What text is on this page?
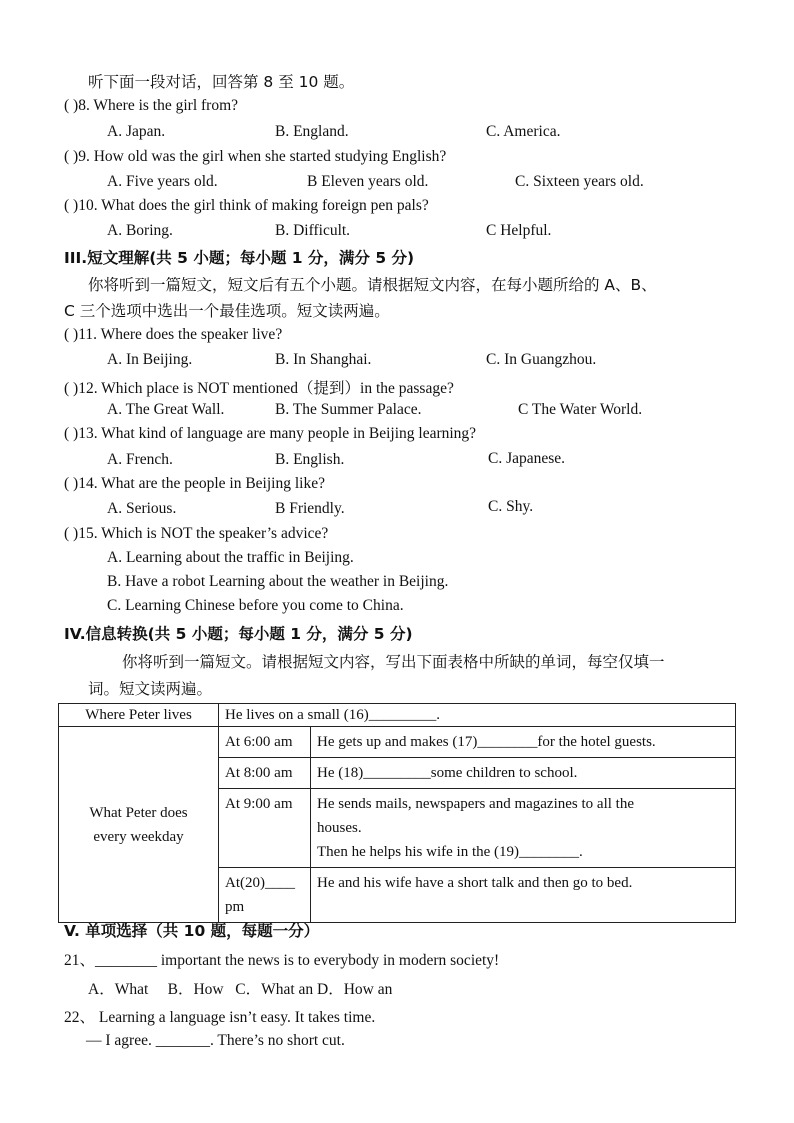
听下面一段对话，回答第 8 至 10 题。
( )8. Where is the girl from?
A. Japan.	B. England.	C. America.
( )9. How old was the girl when she started studying English?
A. Five years old.	B Eleven years old.	C. Sixteen years old.
( )10. What does the girl think of making foreign pen pals?
A. Boring.	B. Difficult.	C Helpful.
III.短文理解(共 5 小题；每小题 1 分，满分 5 分)
你将听到一篇短文，短文后有五个小题。请根据短文内容，在每小题所给的 A、B、
C 三个选项中选出一个最佳选项。短文读两遍。
( )11. Where does the speaker live?
A. In Beijing.	B. In Shanghai.	C. In Guangzhou.
( )12. Which place is NOT mentioned（提到）in the passage?
A. The Great Wall.	B. The Summer Palace.	C The Water World.
( )13. What kind of language are many people in Beijing learning?
A. French.	B. English.	C. Japanese.
( )14. What are the people in Beijing like?
A. Serious.	B Friendly.	C. Shy.
( )15. Which is NOT the speaker’s advice?
A. Learning about the traffic in Beijing.
B. Have a robot Learning about the weather in Beijing.
C. Learning Chinese before you come to China.
IV.信息转换(共 5 小题；每小题 1 分，满分 5 分)
你将听到一篇短文。请根据短文内容，写出下面表格中所缺的单词，每空仅填一
词。短文读两遍。
Where Peter lives	He lives on a small (16)_________.	

What Peter does
every weekday	At 6:00 am	He gets up and makes (17)________for the hotel guests.
	At 8:00 am	He (18)_________some children to school.
	At 9:00 am	He sends mails, newspapers and magazines to all the
houses.
Then he helps his wife in the (19)________.

	At(20)____
pm	He and his wife have a short talk and then go to bed.
V. 单项选择（共 10 题，每题一分）
21、________ important the news is to everybody in modern society!
A．What     B．How   C．What an D．How an
22、 Learning a language isn’t easy. It takes time.
— I agree. _______. There’s no short cut.
